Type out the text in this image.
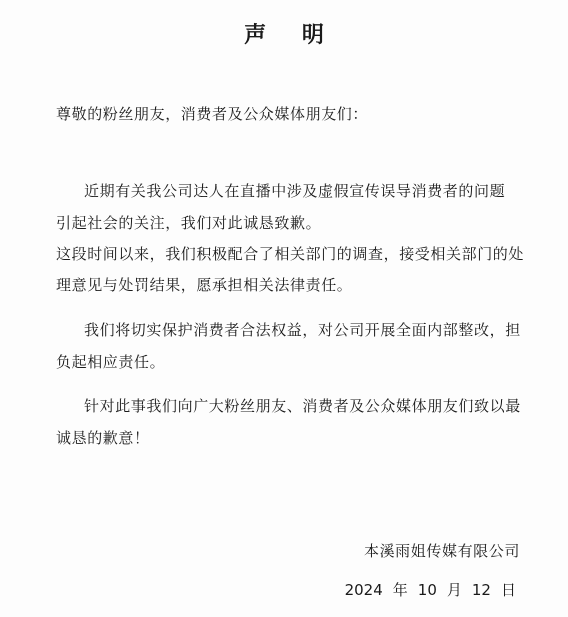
声 明
尊敬的粉丝朋友，消费者及公众媒体朋友们：
近期有关我公司达人在直播中涉及虚假宣传误导消费者的问题
引起社会的关注，我们对此诚恳致歉。
这段时间以来，我们积极配合了相关部门的调查，接受相关部门的处
理意见与处罚结果，愿承担相关法律责任。
我们将切实保护消费者合法权益，对公司开展全面内部整改，担
负起相应责任。
针对此事我们向广大粉丝朋友、消费者及公众媒体朋友们致以最
诚恳的歉意！
本溪雨姐传媒有限公司
2024 年 10 月 12 日
